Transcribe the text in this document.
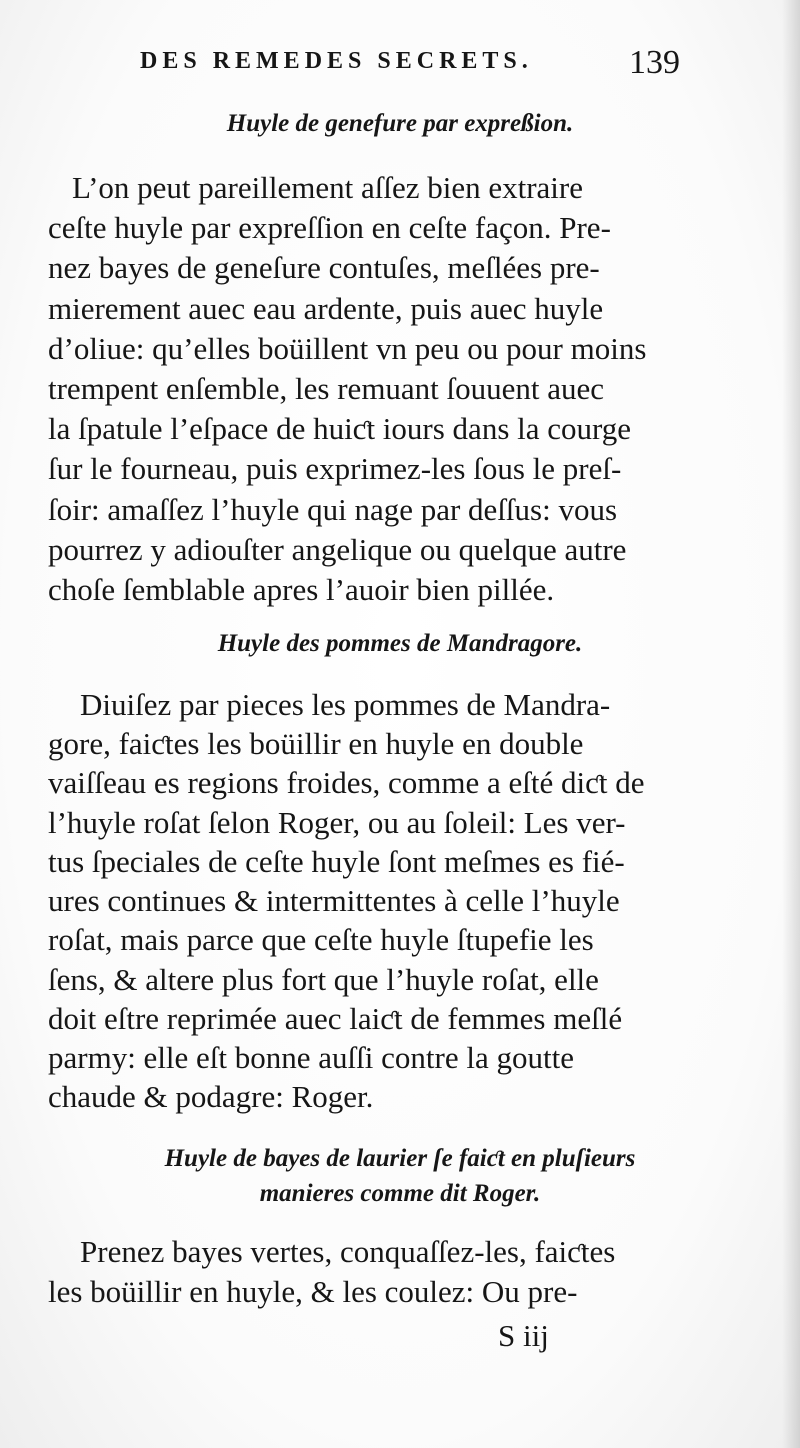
DES REMEDES SECRETS.	139
Huyle de genefure par expreßion.
L’on peut pareillement aſſez bien extraire
ceſte huyle par expreſſion en ceſte façon. Pre-
nez bayes de geneſure contuſes, meſlées pre-
mierement auec eau ardente, puis auec huyle
d’oliue: qu’elles boüillent vn peu ou pour moins
trempent enſemble, les remuant ſouuent auec
la ſpatule l’eſpace de huiƈt iours dans la courge
ſur le fourneau, puis exprimez-les ſous le preſ-
ſoir: amaſſez l’huyle qui nage par deſſus: vous
pourrez y adiouſter angelique ou quelque autre
choſe ſemblable apres l’auoir bien pillée.
Huyle des pommes de Mandragore.
Diuiſez par pieces les pommes de Mandra-
gore, faiƈtes les boüillir en huyle en double
vaiſſeau es regions froides, comme a eſté diƈt de
l’huyle roſat ſelon Roger, ou au ſoleil: Les ver-
tus ſpeciales de ceſte huyle ſont meſmes es fié-
ures continues & intermittentes à celle l’huyle
roſat, mais parce que ceſte huyle ſtupefie les
ſens, & altere plus fort que l’huyle roſat, elle
doit eſtre reprimée auec laiƈt de femmes meſlé
parmy: elle eſt bonne auſſi contre la goutte
chaude & podagre: Roger.
Huyle de bayes de laurier ſe faiƈt en pluſieurs
manieres comme dit Roger.
Prenez bayes vertes, conquaſſez-les, faiƈtes
les boüillir en huyle, & les coulez: Ou pre-
S iij
